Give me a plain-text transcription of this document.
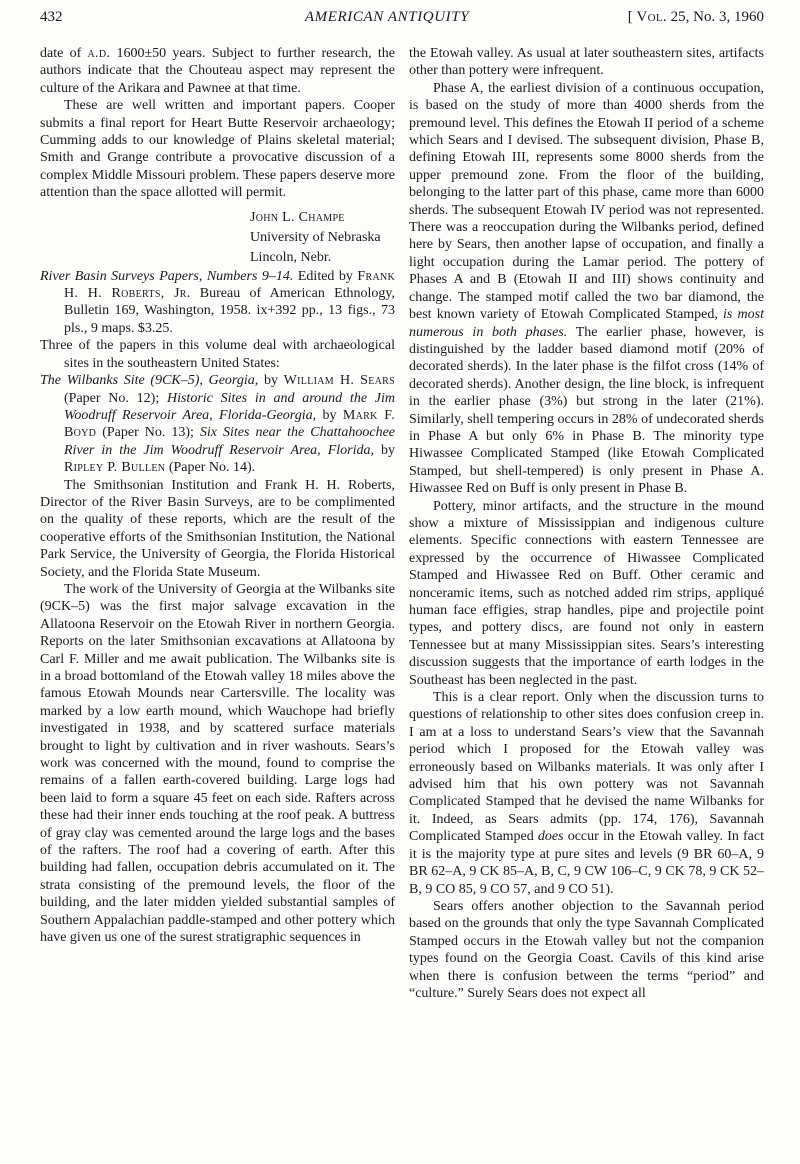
432	AMERICAN ANTIQUITY	[ Vol. 25, No. 3, 1960

date of a.d. 1600±50 years. Subject to further research, the authors indicate that the Chouteau aspect may represent the culture of the Arikara and Pawnee at that time.

These are well written and important papers. Cooper submits a final report for Heart Butte Reservoir archaeology; Cumming adds to our knowledge of Plains skeletal material; Smith and Grange contribute a provocative discussion of a complex Middle Missouri problem. These papers deserve more attention than the space allotted will permit.

John L. Champe
University of Nebraska
Lincoln, Nebr.

River Basin Surveys Papers, Numbers 9–14. Edited by Frank H. H. Roberts, Jr. Bureau of American Ethnology, Bulletin 169, Washington, 1958. ix+392 pp., 13 figs., 73 pls., 9 maps. $3.25.

Three of the papers in this volume deal with archaeological sites in the southeastern United States:

The Wilbanks Site (9CK–5), Georgia, by William H. Sears (Paper No. 12); Historic Sites in and around the Jim Woodruff Reservoir Area, Florida-Georgia, by Mark F. Boyd (Paper No. 13); Six Sites near the Chattahoochee River in the Jim Woodruff Reservoir Area, Florida, by Ripley P. Bullen (Paper No. 14).

The Smithsonian Institution and Frank H. H. Roberts, Director of the River Basin Surveys, are to be complimented on the quality of these reports, which are the result of the cooperative efforts of the Smithsonian Institution, the National Park Service, the University of Georgia, the Florida Historical Society, and the Florida State Museum.

The work of the University of Georgia at the Wilbanks site (9CK–5) was the first major salvage excavation in the Allatoona Reservoir on the Etowah River in northern Georgia. Reports on the later Smithsonian excavations at Allatoona by Carl F. Miller and me await publication. The Wilbanks site is in a broad bottomland of the Etowah valley 18 miles above the famous Etowah Mounds near Cartersville. The locality was marked by a low earth mound, which Wauchope had briefly investigated in 1938, and by scattered surface materials brought to light by cultivation and in river washouts. Sears’s work was concerned with the mound, found to comprise the remains of a fallen earth-covered building. Large logs had been laid to form a square 45 feet on each side. Rafters across these had their inner ends touching at the roof peak. A buttress of gray clay was cemented around the large logs and the bases of the rafters. The roof had a covering of earth. After this building had fallen, occupation debris accumulated on it. The strata consisting of the premound levels, the floor of the building, and the later midden yielded substantial samples of Southern Appalachian paddle-stamped and other pottery which have given us one of the surest stratigraphic sequences in

the Etowah valley. As usual at later southeastern sites, artifacts other than pottery were infrequent.

Phase A, the earliest division of a continuous occupation, is based on the study of more than 4000 sherds from the premound level. This defines the Etowah II period of a scheme which Sears and I devised. The subsequent division, Phase B, defining Etowah III, represents some 8000 sherds from the upper premound zone. From the floor of the building, belonging to the latter part of this phase, came more than 6000 sherds. The subsequent Etowah IV period was not represented. There was a reoccupation during the Wilbanks period, defined here by Sears, then another lapse of occupation, and finally a light occupation during the Lamar period. The pottery of Phases A and B (Etowah II and III) shows continuity and change. The stamped motif called the two bar diamond, the best known variety of Etowah Complicated Stamped, is most numerous in both phases. The earlier phase, however, is distinguished by the ladder based diamond motif (20% of decorated sherds). In the later phase is the filfot cross (14% of decorated sherds). Another design, the line block, is infrequent in the earlier phase (3%) but strong in the later (21%). Similarly, shell tempering occurs in 28% of undecorated sherds in Phase A but only 6% in Phase B. The minority type Hiwassee Complicated Stamped (like Etowah Complicated Stamped, but shell-tempered) is only present in Phase A. Hiwassee Red on Buff is only present in Phase B.

Pottery, minor artifacts, and the structure in the mound show a mixture of Mississippian and indigenous culture elements. Specific connections with eastern Tennessee are expressed by the occurrence of Hiwassee Complicated Stamped and Hiwassee Red on Buff. Other ceramic and nonceramic items, such as notched added rim strips, appliqué human face effigies, strap handles, pipe and projectile point types, and pottery discs, are found not only in eastern Tennessee but at many Mississippian sites. Sears’s interesting discussion suggests that the importance of earth lodges in the Southeast has been neglected in the past.

This is a clear report. Only when the discussion turns to questions of relationship to other sites does confusion creep in. I am at a loss to understand Sears’s view that the Savannah period which I proposed for the Etowah valley was erroneously based on Wilbanks materials. It was only after I advised him that his own pottery was not Savannah Complicated Stamped that he devised the name Wilbanks for it. Indeed, as Sears admits (pp. 174, 176), Savannah Complicated Stamped does occur in the Etowah valley. In fact it is the majority type at pure sites and levels (9 BR 60–A, 9 BR 62–A, 9 CK 85–A, B, C, 9 CW 106–C, 9 CK 78, 9 CK 52–B, 9 CO 85, 9 CO 57, and 9 CO 51).

Sears offers another objection to the Savannah period based on the grounds that only the type Savannah Complicated Stamped occurs in the Etowah valley but not the companion types found on the Georgia Coast. Cavils of this kind arise when there is confusion between the terms “period” and “culture.” Surely Sears does not expect all
